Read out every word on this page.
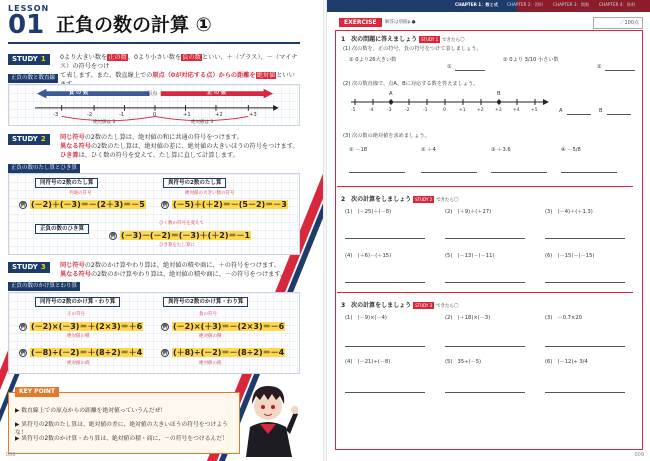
LESSON
01 正負の数の計算 ①
STUDY 1	0より大きい数を正の数、0より小さい数を負の数といい、＋（プラス）、－（マイナス）の符号をつけ
て表します。また、数直線上での原点（0が対応する点）からの距離を絶対値といい
正負の数と数直線
負 の 数	原点	正 の 数
-3	-2	-1	0	+1	+2	+3
絶対値は 3	絶対値は 3
STUDY 2	同じ符号の2数のたし算は、絶対値の和に共通の符号をつけます。
異なる符号の2数のたし算は、絶対値の差に、絶対値の大きいほうの符号をつけます。
ひき算は、ひく数の符号を変えて、たし算に直して計算します。
正負の数のたし算とひき算
同符号の2数のたし算	異符号の2数のたし算
共通の符号	絶対値の大きい数の符号
例 (－2)＋(－3)＝－(2＋3)＝－5	例 (－5)＋(＋2)＝－(5－2)＝－3
正負の数のひき算
ひく数の符号を変えて
例 (－3)－(－2)＝(－3)＋(＋2)＝－1
ひき算をたし算に
STUDY 3	同じ符号の2数のかけ算やわり算は、絶対値の積や商に、＋の符号をつけます。
異なる符号の2数のかけ算やわり算は、絶対値の積や商に、－の符号をつけます。
正負の数のかけ算とわり算
同符号の2数のかけ算・わり算	異符号の2数のかけ算・わり算
正の符号	負の符号
例 (－2)×(－3)＝＋(2×3)＝＋6	例 (－2)×(＋3)＝－(2×3)＝－6
絶対値の積	絶対値の積
例 (－8)÷(－2)＝＋(8÷2)＝＋4	例 (＋8)÷(－2)＝－(8÷2)＝－4
絶対値の商	絶対値の商
KEY POINT
▶ 数直線上での原点からの距離を絶対値っていうんだぜ！
▶ 異符号の2数のたし算は、絶対値の差に、絶対値の大きいほうの符号をつけような！
▶ 異符号の2数のかけ算・わり算は、絶対値の積・商に、－の符号をつけるんだ！
008
CHAPTER 1：数と式 CHAPTER 2：図形 CHAPTER 3：関数 CHAPTER 4：資料
EXERCISE	解答は別冊p.●	／100点
1　次の問題に答えましょう STUDY 1 できたら〇
(1) 次の数を、正の符号、負の符号をつけて表しましょう。
① 0より26大きい数	② 0より 3/10 小さい数
①	②
(2) 次の数直線で、点A、Bに対応する数を答えましょう。
A	B
-5	-4	-3	-2	-1	0	+1	+2	+3	+4	+5	A	B
(3) 次の数の絶対値を求めましょう。
① －18	② ＋4	③ ＋3.6	④ －5/8
2　次の計算をしましょう STUDY 2 できたら〇
(1)　(－25)＋(－8)	(2)　(＋9)＋(＋27)	(3)　(－4)＋(＋1.3)
(4)　(＋6)－(＋15)	(5)　(－13)－(－11)	(6)　(－15)－(－15)
3　次の計算をしましょう STUDY 3 できたら〇
(1)　(－9)×(－4)	(2)　(＋18)×(－3)	(3)　－0.7×20
(4)　(－21)÷(－8)	(5)　35÷(－5)	(6)　(－12)÷ 3/4
009
